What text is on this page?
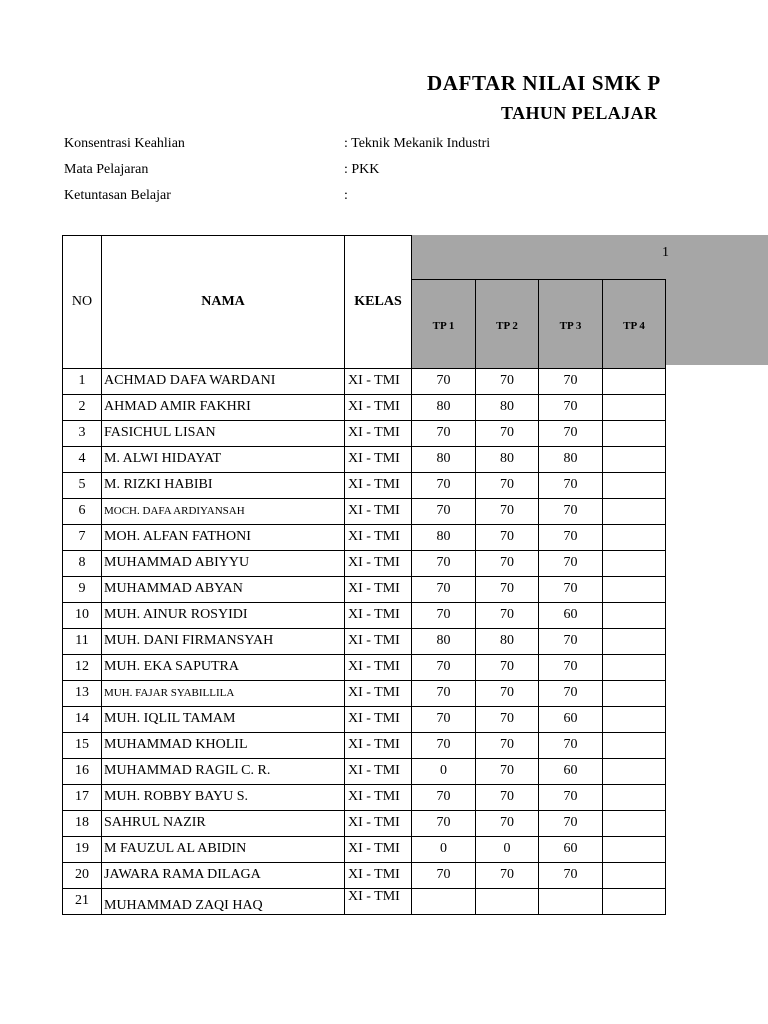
DAFTAR NILAI SMK P
TAHUN PELAJAR
Konsentrasi Keahlian	: Teknik Mekanik Industri
Mata Pelajaran	: PKK
Ketuntasan Belajar	:
NO	NAMA	KELAS				
			TP 1	TP 2	TP 3	TP 4
1	ACHMAD DAFA WARDANI	XI - TMI	70	70	70	
2	AHMAD AMIR FAKHRI	XI - TMI	80	80	70	
3	FASICHUL LISAN	XI - TMI	70	70	70	
4	M. ALWI HIDAYAT	XI - TMI	80	80	80	
5	M. RIZKI HABIBI	XI - TMI	70	70	70	
6	MOCH. DAFA ARDIYANSAH	XI - TMI	70	70	70	
7	MOH. ALFAN FATHONI	XI - TMI	80	70	70	
8	MUHAMMAD ABIYYU	XI - TMI	70	70	70	
9	MUHAMMAD ABYAN	XI - TMI	70	70	70	
10	MUH. AINUR ROSYIDI	XI - TMI	70	70	60	
11	MUH. DANI FIRMANSYAH	XI - TMI	80	80	70	
12	MUH. EKA SAPUTRA	XI - TMI	70	70	70	
13	MUH. FAJAR SYABILLILA	XI - TMI	70	70	70	
14	MUH. IQLIL TAMAM	XI - TMI	70	70	60	
15	MUHAMMAD KHOLIL	XI - TMI	70	70	70	
16	MUHAMMAD RAGIL C. R.	XI - TMI	0	70	60	
17	MUH. ROBBY BAYU S.	XI - TMI	70	70	70	
18	SAHRUL NAZIR	XI - TMI	70	70	70	
19	M FAUZUL AL ABIDIN	XI - TMI	0	0	60	
20	JAWARA RAMA DILAGA	XI - TMI	70	70	70	
21	MUHAMMAD ZAQI HAQ	XI - TMI				
1
